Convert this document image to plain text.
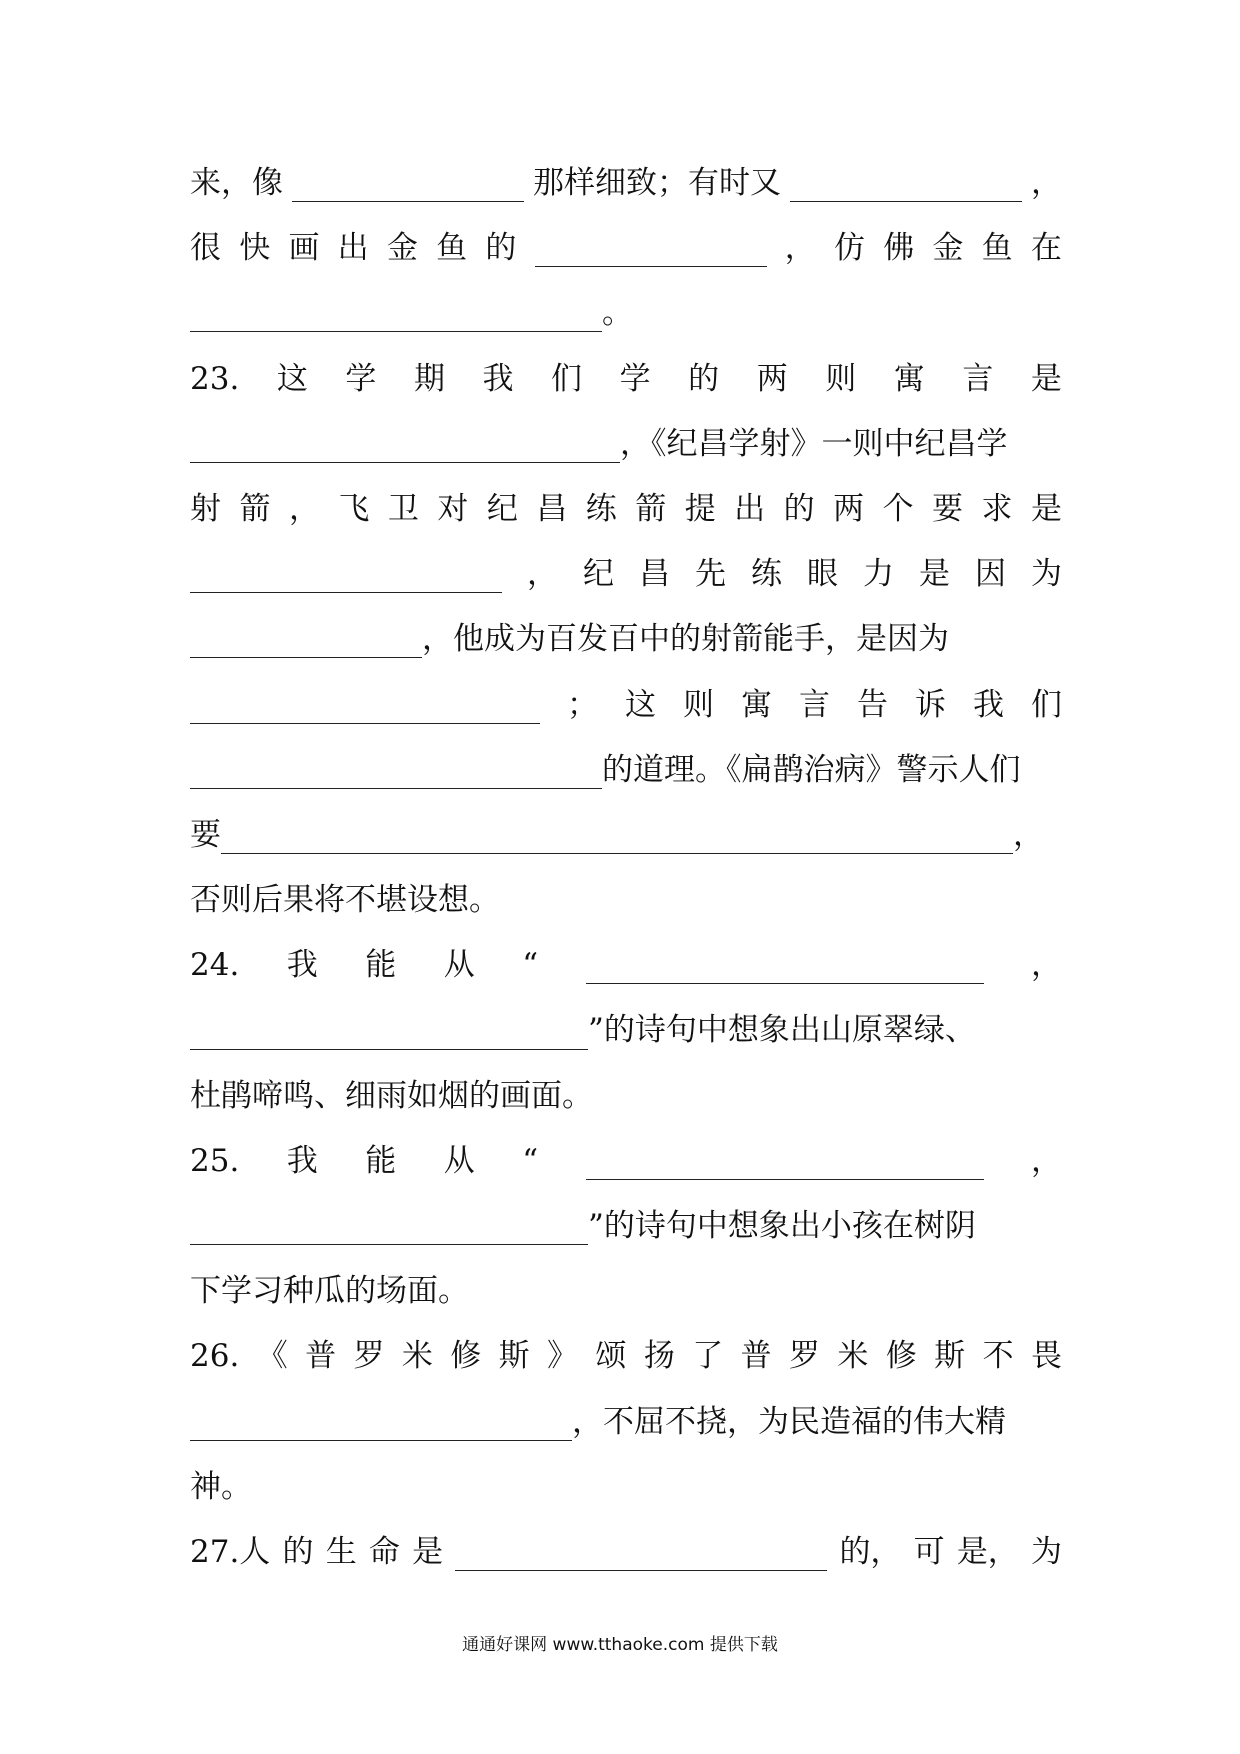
来，像	那样细致；有时又	，
很 快 画 出 金 鱼 的	， 仿 佛 金 鱼 在
。
23. 这 学 期 我 们 学 的 两 则 寓 言 是
，《纪昌学射》一则中纪昌学
射 箭 ， 飞 卫 对 纪 昌 练 箭 提 出 的 两 个 要 求 是
， 纪 昌 先 练 眼 力 是 因 为
，他成为百发百中的射箭能手，是因为
； 这 则 寓 言 告 诉 我 们
的道理。《扁鹊治病》警示人们
要	，
否则后果将不堪设想。
24. 我 能 从 “	，
”的诗句中想象出山原翠绿、
杜鹃啼鸣、细雨如烟的画面。
25. 我 能 从 “	，
”的诗句中想象出小孩在树阴
下学习种瓜的场面。
26. 《 普 罗 米 修 斯 》 颂 扬 了 普 罗 米 修 斯 不 畏
，不屈不挠，为民造福的伟大精
神。
27.人 的 生 命 是	的， 可 是， 为
通通好课网 www.tthaoke.com 提供下载
